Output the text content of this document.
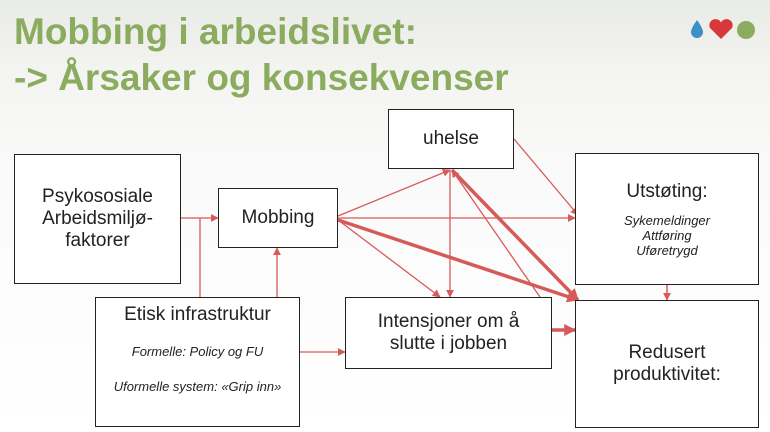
Mobbing i arbeidslivet:
-> Årsaker og konsekvenser
Psykososiale
Arbeidsmiljø-
faktorer
Mobbing
uhelse
Utstøting:
Sykemeldinger
Attføring
Uføretrygd
Etisk infrastruktur
Formelle: Policy og FU
Uformelle system: «Grip inn»
Intensjoner om å
slutte i jobben	Redusert
produktivitet:
